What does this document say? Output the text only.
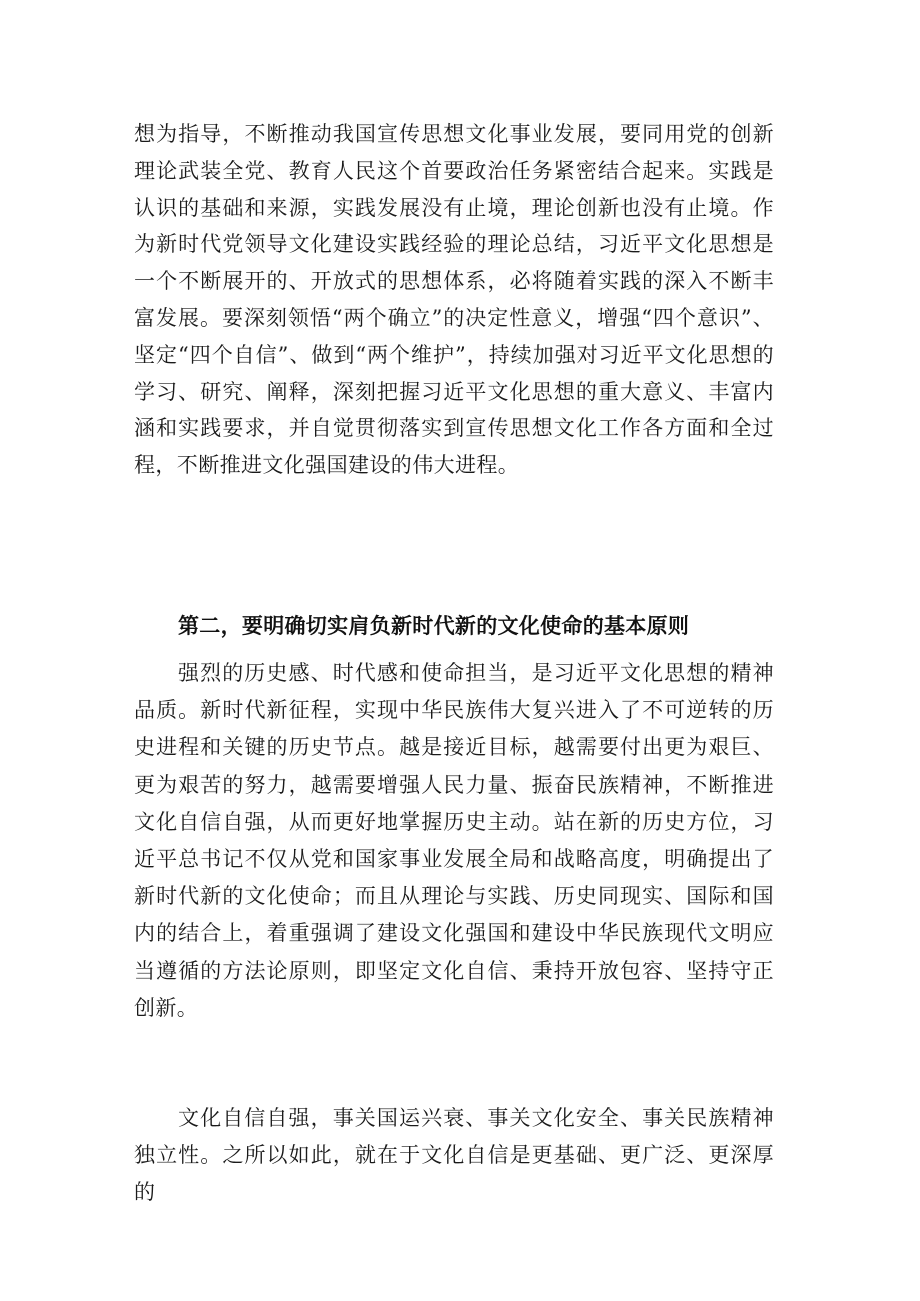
想为指导，不断推动我国宣传思想文化事业发展，要同用党的创新理论武装全党、教育人民这个首要政治任务紧密结合起来。实践是认识的基础和来源，实践发展没有止境，理论创新也没有止境。作为新时代党领导文化建设实践经验的理论总结，习近平文化思想是一个不断展开的、开放式的思想体系，必将随着实践的深入不断丰富发展。要深刻领悟“两个确立”的决定性意义，增强“四个意识”、坚定“四个自信”、做到“两个维护”，持续加强对习近平文化思想的学习、研究、阐释，深刻把握习近平文化思想的重大意义、丰富内涵和实践要求，并自觉贯彻落实到宣传思想文化工作各方面和全过程，不断推进文化强国建设的伟大进程。
第二，要明确切实肩负新时代新的文化使命的基本原则
强烈的历史感、时代感和使命担当，是习近平文化思想的精神品质。新时代新征程，实现中华民族伟大复兴进入了不可逆转的历史进程和关键的历史节点。越是接近目标，越需要付出更为艰巨、更为艰苦的努力，越需要增强人民力量、振奋民族精神，不断推进文化自信自强，从而更好地掌握历史主动。站在新的历史方位，习近平总书记不仅从党和国家事业发展全局和战略高度，明确提出了新时代新的文化使命；而且从理论与实践、历史同现实、国际和国内的结合上，着重强调了建设文化强国和建设中华民族现代文明应当遵循的方法论原则，即坚定文化自信、秉持开放包容、坚持守正创新。
文化自信自强，事关国运兴衰、事关文化安全、事关民族精神独立性。之所以如此，就在于文化自信是更基础、更广泛、更深厚的
